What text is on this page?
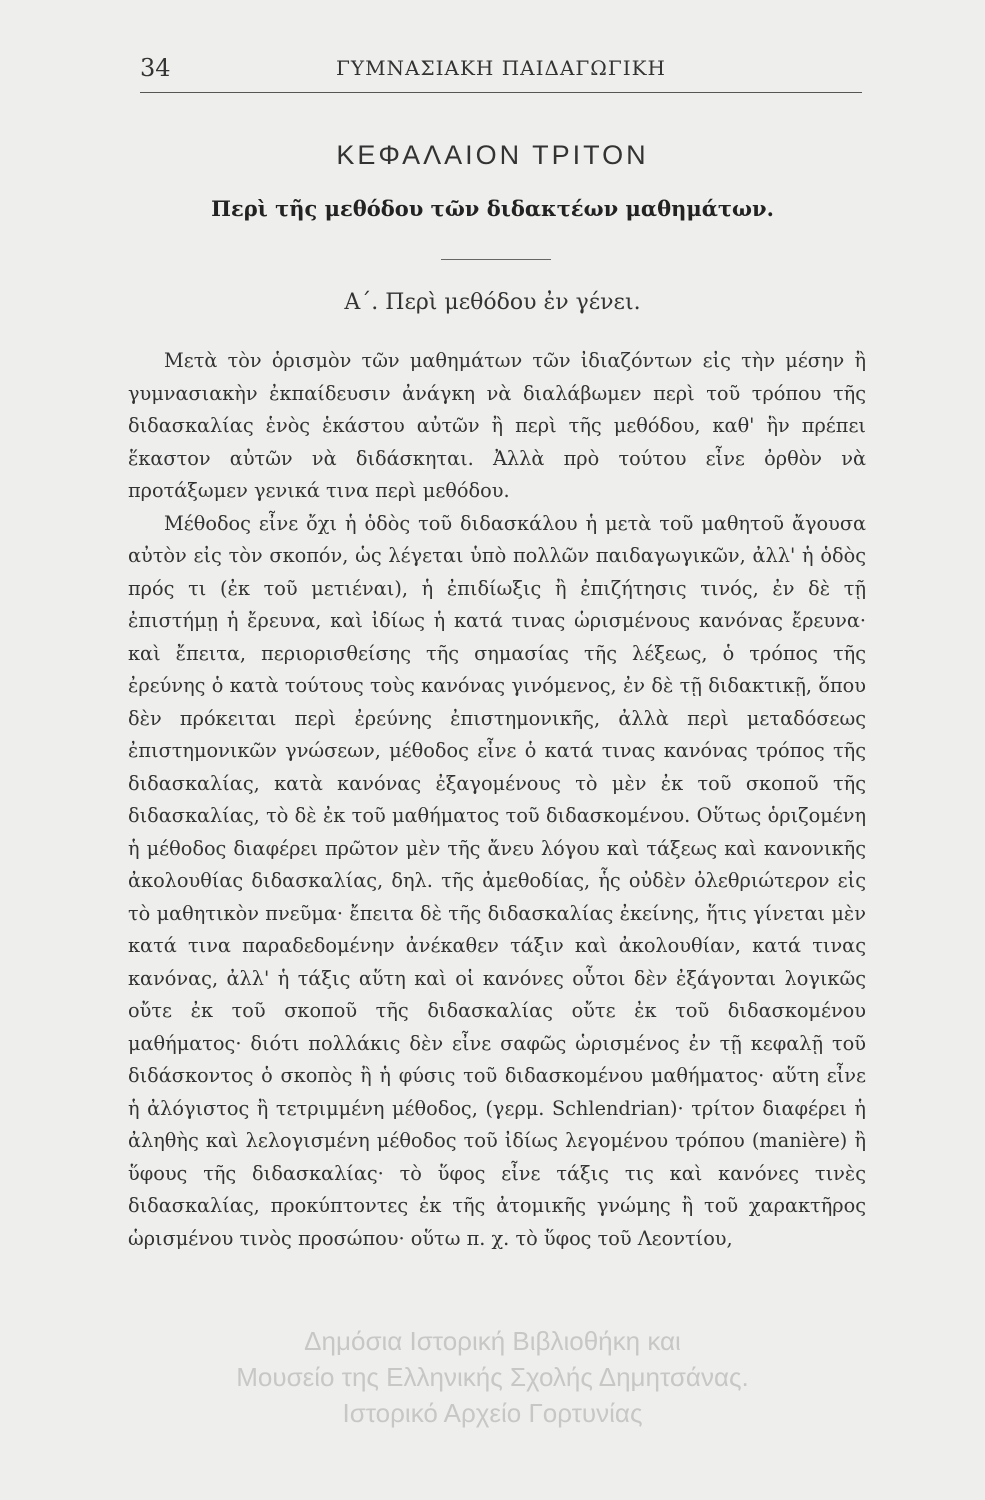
34	ΓΥΜΝΑΣΙΑΚΗ ΠΑΙΔΑΓΩΓΙΚΗ
ΚΕΦΑΛΑΙΟΝ ΤΡΙΤΟΝ
Περὶ τῆς μεθόδου τῶν διδακτέων μαθημάτων.
Α΄. Περὶ μεθόδου ἐν γένει.

Μετὰ τὸν ὁρισμὸν τῶν μαθημάτων τῶν ἰδιαζόντων εἰς τὴν μέσην ἢ γυμνασιακὴν ἐκπαίδευσιν ἀνάγκη νὰ διαλάβωμεν περὶ τοῦ τρόπου τῆς διδασκαλίας ἑνὸς ἑκάστου αὐτῶν ἢ περὶ τῆς μεθόδου, καθ' ἣν πρέπει ἕκαστον αὐτῶν νὰ διδάσκηται. Ἀλλὰ πρὸ τούτου εἶνε ὀρθὸν νὰ προτάξωμεν γενικά τινα περὶ μεθόδου.

Μέθοδος εἶνε ὄχι ἡ ὁδὸς τοῦ διδασκάλου ἡ μετὰ τοῦ μαθητοῦ ἄγουσα αὐτὸν εἰς τὸν σκοπόν, ὡς λέγεται ὑπὸ πολλῶν παιδαγωγικῶν, ἀλλ' ἡ ὁδὸς πρός τι (ἐκ τοῦ μετιέναι), ἡ ἐπιδίωξις ἢ ἐπιζήτησις τινός, ἐν δὲ τῇ ἐπιστήμῃ ἡ ἔρευνα, καὶ ἰδίως ἡ κατά τινας ὡρισμένους κανόνας ἔρευνα· καὶ ἔπειτα, περιορισθείσης τῆς σημασίας τῆς λέξεως, ὁ τρόπος τῆς ἐρεύνης ὁ κατὰ τούτους τοὺς κανόνας γινόμενος, ἐν δὲ τῇ διδακτικῇ, ὅπου δὲν πρόκειται περὶ ἐρεύνης ἐπιστημονικῆς, ἀλλὰ περὶ μεταδόσεως ἐπιστημονικῶν γνώσεων, μέθοδος εἶνε ὁ κατά τινας κανόνας τρόπος τῆς διδασκαλίας, κατὰ κανόνας ἐξαγομένους τὸ μὲν ἐκ τοῦ σκοποῦ τῆς διδασκαλίας, τὸ δὲ ἐκ τοῦ μαθήματος τοῦ διδασκομένου. Οὕτως ὁριζομένη ἡ μέθοδος διαφέρει πρῶτον μὲν τῆς ἄνευ λόγου καὶ τάξεως καὶ κανονικῆς ἀκολουθίας διδασκαλίας, δηλ. τῆς ἀμεθοδίας, ἧς οὐδὲν ὀλεθριώτερον εἰς τὸ μαθητικὸν πνεῦμα· ἔπειτα δὲ τῆς διδασκαλίας ἐκείνης, ἥτις γίνεται μὲν κατά τινα παραδεδομένην ἀνέκαθεν τάξιν καὶ ἀκολουθίαν, κατά τινας κανόνας, ἀλλ' ἡ τάξις αὕτη καὶ οἱ κανόνες οὗτοι δὲν ἐξάγονται λογικῶς οὔτε ἐκ τοῦ σκοποῦ τῆς διδασκαλίας οὔτε ἐκ τοῦ διδασκομένου μαθήματος· διότι πολλάκις δὲν εἶνε σαφῶς ὡρισμένος ἐν τῇ κεφαλῇ τοῦ διδάσκοντος ὁ σκοπὸς ἢ ἡ φύσις τοῦ διδασκομένου μαθήματος· αὕτη εἶνε ἡ ἀλόγιστος ἢ τετριμμένη μέθοδος, (γερμ. Schlendrian)· τρίτον διαφέρει ἡ ἀληθὴς καὶ λελογισμένη μέθοδος τοῦ ἰδίως λεγομένου τρόπου (manière) ἢ ὕφους τῆς διδασκαλίας· τὸ ὕφος εἶνε τάξις τις καὶ κανόνες τινὲς διδασκαλίας, προκύπτοντες ἐκ τῆς ἀτομικῆς γνώμης ἢ τοῦ χαρακτῆρος ὡρισμένου τινὸς προσώπου· οὕτω π. χ. τὸ ὕφος τοῦ Λεοντίου,

Δημόσια Ιστορική Βιβλιοθήκη και
Μουσείο της Ελληνικής Σχολής Δημητσάνας.
Ιστορικό Αρχείο Γορτυνίας
